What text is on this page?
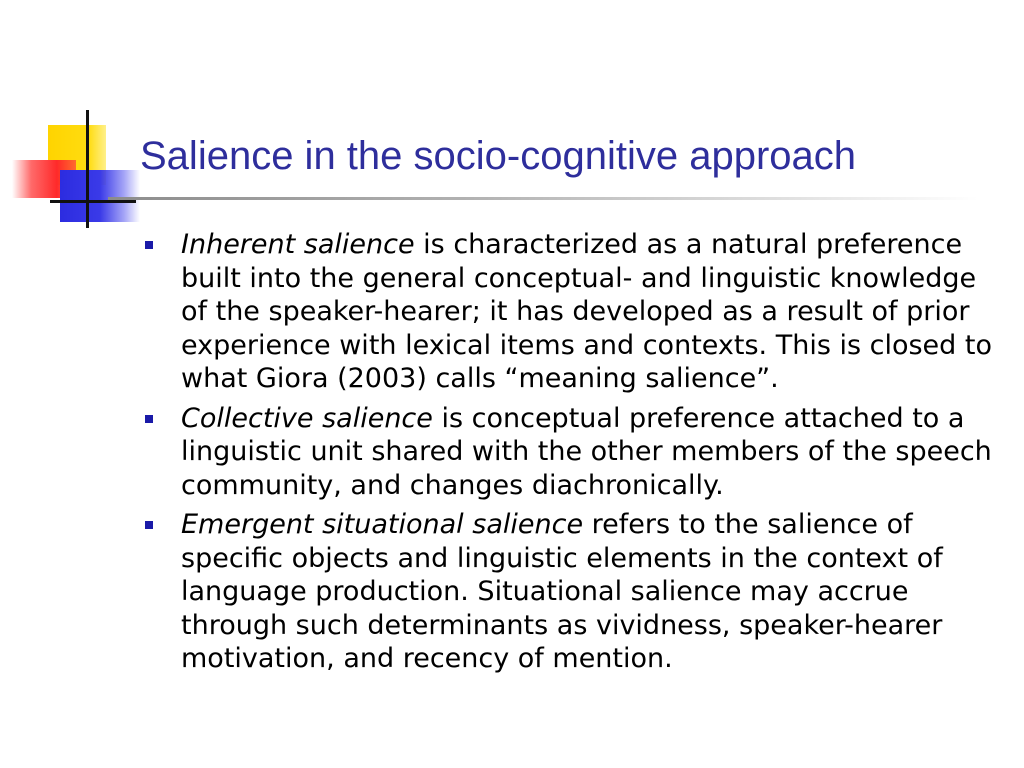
Salience in the socio-cognitive approach
Inherent salience is characterized as a natural preference built into the general conceptual- and linguistic knowledge of the speaker-hearer; it has developed as a result of prior experience with lexical items and contexts. This is closed to what Giora (2003) calls “meaning salience”.
Collective salience is conceptual preference attached to a linguistic unit shared with the other members of the speech community, and changes diachronically.
Emergent situational salience refers to the salience of specific objects and linguistic elements in the context of language production. Situational salience may accrue through such determinants as vividness, speaker-hearer motivation, and recency of mention.
